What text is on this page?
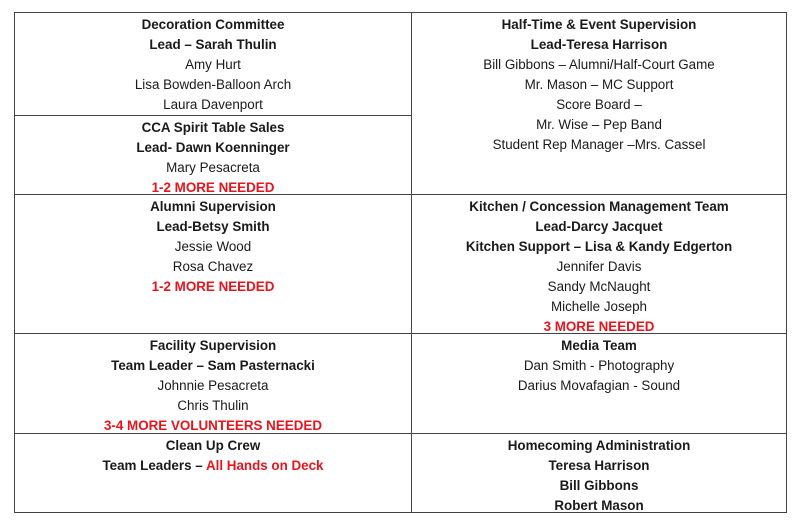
Decoration Committee
Lead – Sarah Thulin
Amy Hurt
Lisa Bowden-Balloon Arch
Laura Davenport
Half-Time & Event Supervision
Lead-Teresa Harrison
Bill Gibbons – Alumni/Half-Court Game
Mr. Mason – MC Support
Score Board –
Mr. Wise – Pep Band
Student Rep Manager –Mrs. Cassel
CCA Spirit Table Sales
Lead- Dawn Koenninger
Mary Pesacreta
1-2 MORE NEEDED
Alumni Supervision
Lead-Betsy Smith
Jessie Wood
Rosa Chavez
1-2 MORE NEEDED
Kitchen / Concession Management Team
Lead-Darcy Jacquet
Kitchen Support – Lisa & Kandy Edgerton
Jennifer Davis
Sandy McNaught
Michelle Joseph
3 MORE NEEDED
Facility Supervision
Team Leader – Sam Pasternacki
Johnnie Pesacreta
Chris Thulin
3-4 MORE VOLUNTEERS NEEDED
Media Team
Dan Smith - Photography
Darius Movafagian - Sound
Clean Up Crew
Team Leaders – All Hands on Deck
Homecoming Administration
Teresa Harrison
Bill Gibbons
Robert Mason
